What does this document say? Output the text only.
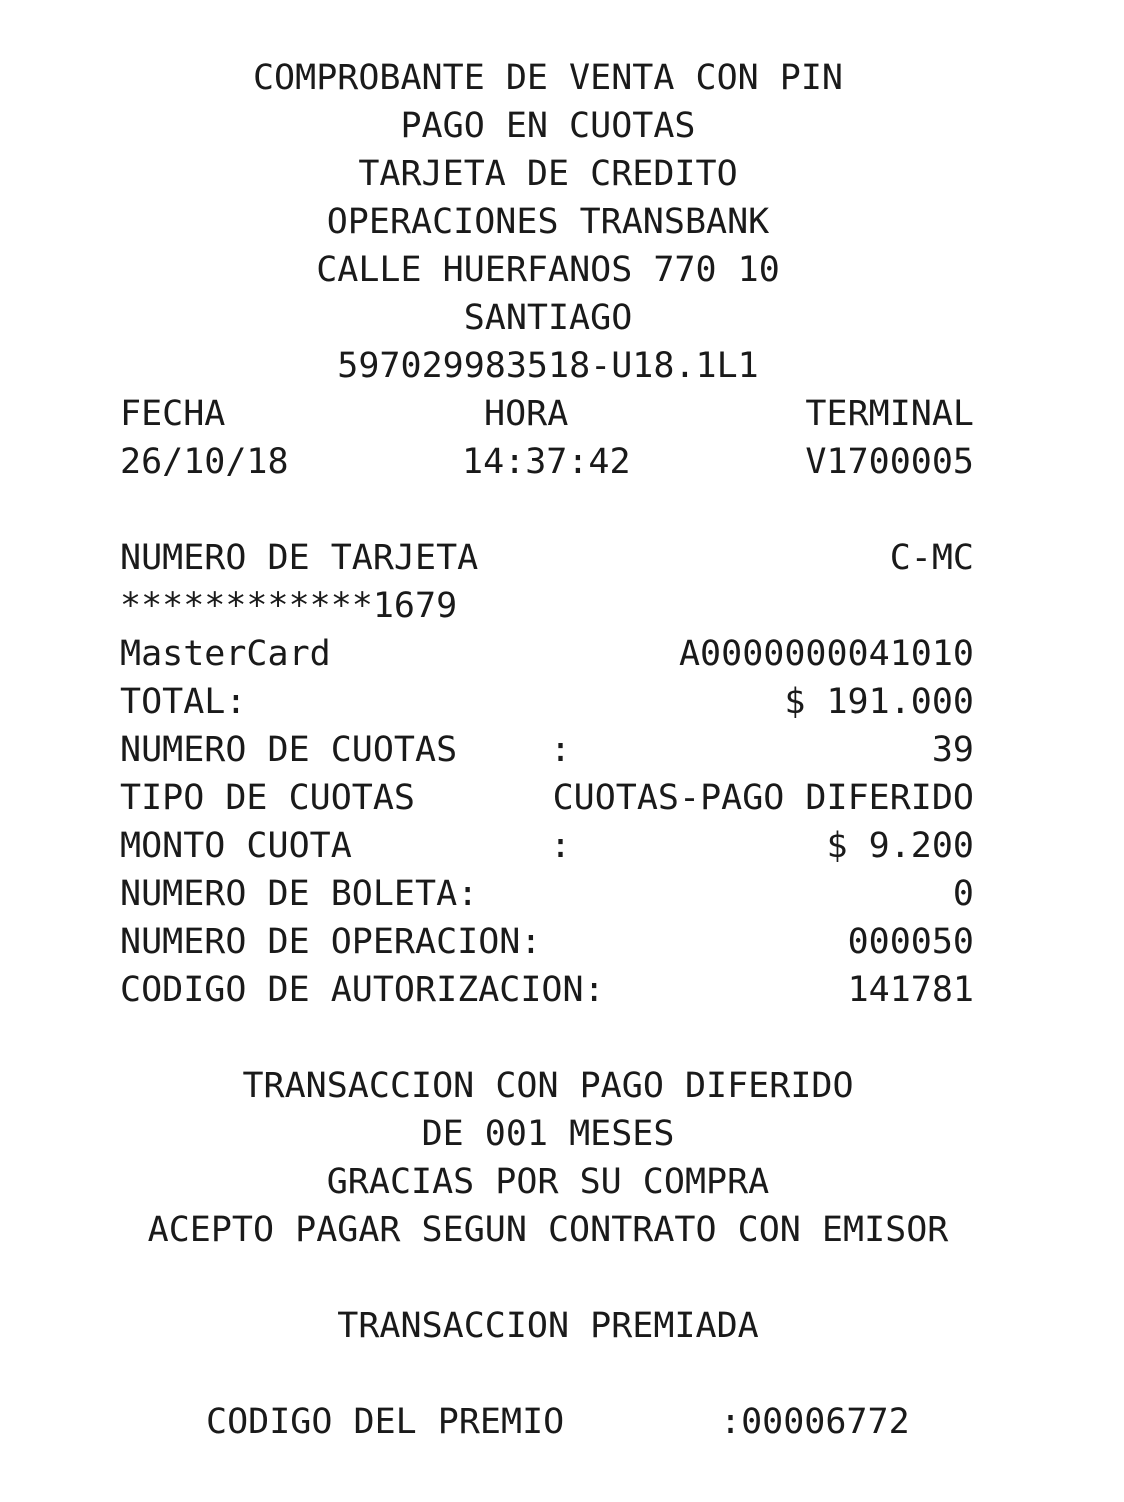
COMPROBANTE DE VENTA CON PIN
PAGO EN CUOTAS
TARJETA DE CREDITO
OPERACIONES TRANSBANK
CALLE HUERFANOS 770 10
SANTIAGO
597029983518-U18.1L1
FECHA	HORA	TERMINAL
26/10/18	14:37:42	V1700005
NUMERO DE TARJETA	C-MC
************1679
MasterCard	A0000000041010
TOTAL:	$ 191.000
NUMERO DE CUOTAS	:	39
TIPO DE CUOTAS	CUOTAS-PAGO DIFERIDO
MONTO CUOTA	:	$ 9.200
NUMERO DE BOLETA:	0
NUMERO DE OPERACION:	000050
CODIGO DE AUTORIZACION:	141781
TRANSACCION CON PAGO DIFERIDO
DE 001 MESES
GRACIAS POR SU COMPRA
ACEPTO PAGAR SEGUN CONTRATO CON EMISOR
TRANSACCION PREMIADA
CODIGO DEL PREMIO	:00006772
